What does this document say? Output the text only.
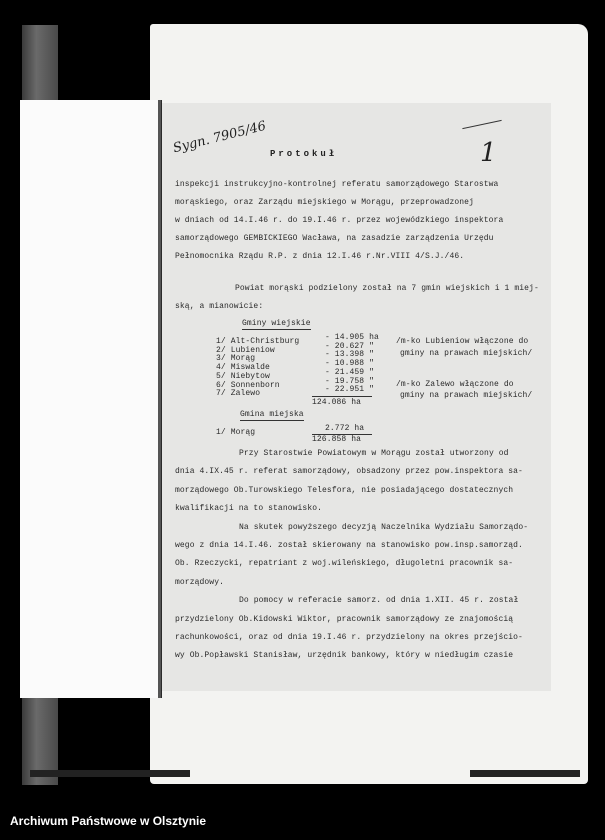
Sygn. 7905/46	1
Protokuł
inspekcji instrukcyjno-kontrolnej referatu samorządowego Starostwa
morąskiego, oraz Zarządu miejskiego w Morągu, przeprowadzonej
w dniach od 14.I.46 r. do 19.I.46 r. przez wojewódzkiego inspektora
samorządowego GEMBICKIEGO Wacława, na zasadzie zarządzenia Urzędu
Pełnomocnika Rządu R.P. z dnia 12.I.46 r.Nr.VIII 4/S.J./46.
Powiat morąski podzielony został na 7 gmin wiejskich i 1 miej-
ską, a mianowicie:
Gminy wiejskie
1/ Alt-Christburg	- 14.905 ha
2/ Lubieniow	- 20.627 "
3/ Morąg	- 13.398 "
4/ Miswalde	- 10.988 "
5/ Niebytow	- 21.459 "
6/ Sonnenborn	- 19.758 "
7/ Zalewo	- 22.951 "
124.086 ha
/m-ko Lubieniow włączone do
gminy na prawach miejskich/
/m-ko Zalewo włączone do
gminy na prawach miejskich/
Gmina miejska
1/ Morąg	2.772 ha
126.858 ha
Przy Starostwie Powiatowym w Morągu został utworzony od
dnia 4.IX.45 r. referat samorządowy, obsadzony przez pow.inspektora sa-
morządowego Ob.Turowskiego Telesfora, nie posiadającego dostatecznych
kwalifikacji na to stanowisko.
Na skutek powyższego decyzją Naczelnika Wydziału Samorządo-
wego z dnia 14.I.46. został skierowany na stanowisko pow.insp.samorząd.
Ob. Rzeczycki, repatriant z woj.wileńskiego, długoletni pracownik sa-
morządowy.
Do pomocy w referacie samorz. od dnia 1.XII. 45 r. został
przydzielony Ob.Kidowski Wiktor, pracownik samorządowy ze znajomością
rachunkowości, oraz od dnia 19.I.46 r. przydzielony na okres przejścio-
wy Ob.Popławski Stanisław, urzędnik bankowy, który w niedługim czasie
Archiwum Państwowe w Olsztynie
